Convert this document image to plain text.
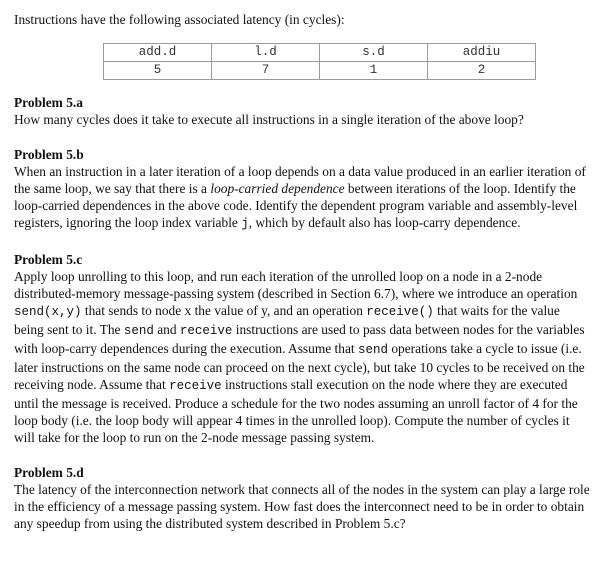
Instructions have the following associated latency (in cycles):

add.d	l.d	s.d	addiu
5	7	1	2

Problem 5.a

How many cycles does it take to execute all instructions in a single iteration of the above loop?

Problem 5.b

When an instruction in a later iteration of a loop depends on a data value produced in an earlier iteration of the same loop, we say that there is a loop-carried dependence between iterations of the loop. Identify the loop-carried dependences in the above code. Identify the dependent program variable and assembly-level registers, ignoring the loop index variable j, which by default also has loop-carry dependence.

Problem 5.c

Apply loop unrolling to this loop, and run each iteration of the unrolled loop on a node in a 2-node distributed-memory message-passing system (described in Section 6.7), where we introduce an operation send(x,y) that sends to node x the value of y, and an operation receive() that waits for the value being sent to it. The send and receive instructions are used to pass data between nodes for the variables with loop-carry dependences during the execution. Assume that send operations take a cycle to issue (i.e. later instructions on the same node can proceed on the next cycle), but take 10 cycles to be received on the receiving node. Assume that receive instructions stall execution on the node where they are executed until the message is received. Produce a schedule for the two nodes assuming an unroll factor of 4 for the loop body (i.e. the loop body will appear 4 times in the unrolled loop). Compute the number of cycles it will take for the loop to run on the 2-node message passing system.

Problem 5.d

The latency of the interconnection network that connects all of the nodes in the system can play a large role in the efficiency of a message passing system. How fast does the interconnect need to be in order to obtain any speedup from using the distributed system described in Problem 5.c?
